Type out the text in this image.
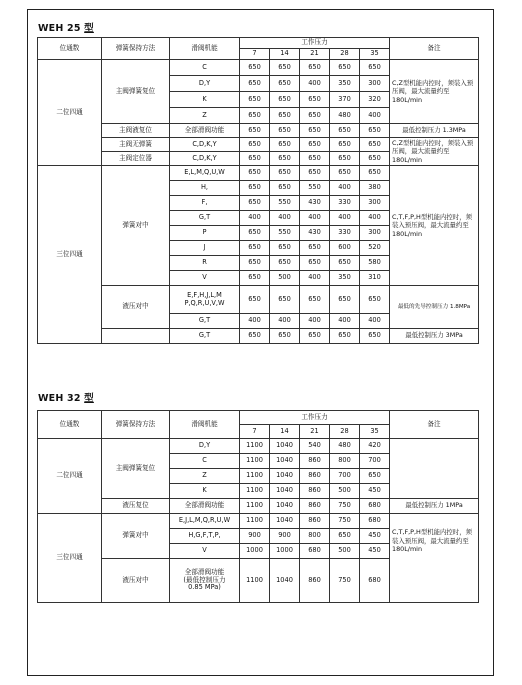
WEH 25 型
位通数	弹簧保持方法	滑阀机能	工作压力					备注
			7	14	21	28	35	
二位四通	主阀弹簧复位	C	650	650	650	650	650	C,Z型机能内控时，须装入预压阀，最大流量约至180L/min
		D,Y	650	650	400	350	300	
		K	650	650	650	370	320	
		Z	650	650	650	480	400	
	主阀液复位	全部滑阀功能	650	650	650	650	650	最低控制压力 1.3MPa
	主阀无弹簧	C,D,K,Y	650	650	650	650	650	C,Z型机能内控时，须装入预压阀，最大流量约至180L/min
	主阀定位器	C,D,K,Y	650	650	650	650	650	
三位四通	弹簧对中	E,L,M,Q,U,W	650	650	650	650	650	C,T,F,P,H型机能内控时，须装入预压阀，最大流量约至180L/min
		H,	650	650	550	400	380	
		F,	650	550	430	330	300	
		G,T	400	400	400	400	400	
		P	650	550	430	330	300	
		J	650	650	650	600	520	
		R	650	650	650	650	580	
		V	650	500	400	350	310	
	液压对中	E,F,H,J,L,M
P,Q,R,U,V,W	650	650	650	650	650	最低的先导控制压力 1.8MPa
		G,T	400	400	400	400	400	
		G,T	650	650	650	650	650	最低控制压力 3MPa
WEH 32 型
位通数	弹簧保持方法	滑阀机能	工作压力					备注
			7	14	21	28	35	
二位四通	主阀弹簧复位	D,Y	1100	1040	540	480	420	
		C	1100	1040	860	800	700	
		Z	1100	1040	860	700	650	
		K	1100	1040	860	500	450	
	液压复位	全部滑阀功能	1100	1040	860	750	680	最低控制压力 1MPa
三位四通	弹簧对中	E,J,L,M,Q,R,U,W	1100	1040	860	750	680	C,T,F,P,H型机能内控时，须装入预压阀，最大流量约至180L/min
		H,G,F,T,P,	900	900	800	650	450	
		V	1000	1000	680	500	450	
	液压对中	全部滑阀功能
(最低控制压力
0.85 MPa)	1100	1040	860	750	680	
